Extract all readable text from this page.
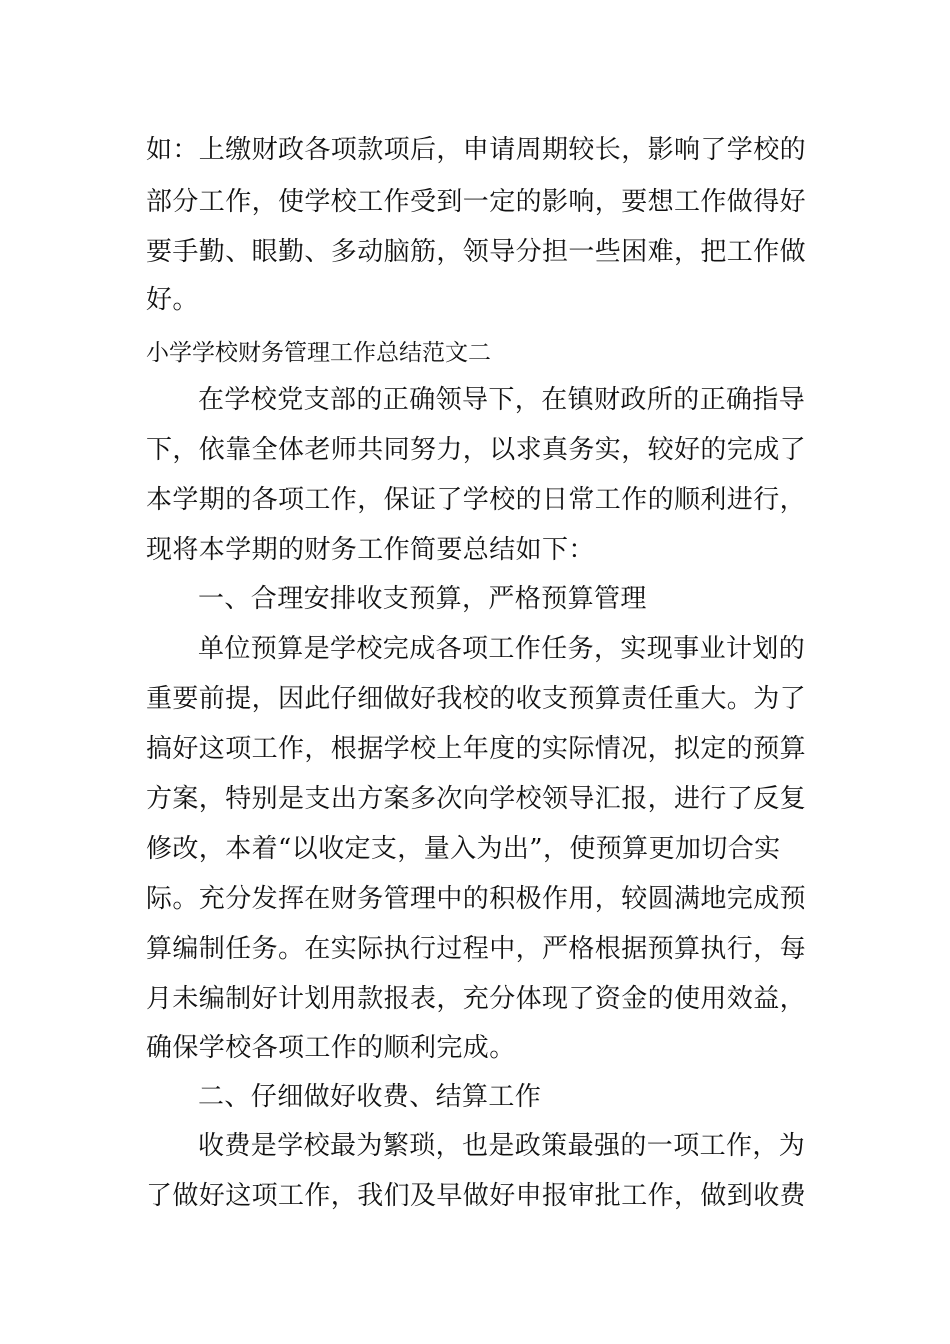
如：上缴财政各项款项后，申请周期较长，影响了学校的
部分工作，使学校工作受到一定的影响，要想工作做得好
要手勤、眼勤、多动脑筋，领导分担一些困难，把工作做
好。
小学学校财务管理工作总结范文二
在学校党支部的正确领导下，在镇财政所的正确指导
下，依靠全体老师共同努力，以求真务实，较好的完成了
本学期的各项工作，保证了学校的日常工作的顺利进行，
现将本学期的财务工作简要总结如下：
一、合理安排收支预算，严格预算管理
单位预算是学校完成各项工作任务，实现事业计划的
重要前提，因此仔细做好我校的收支预算责任重大。为了
搞好这项工作，根据学校上年度的实际情况，拟定的预算
方案，特别是支出方案多次向学校领导汇报，进行了反复
修改，本着“以收定支，量入为出”，使预算更加切合实
际。充分发挥在财务管理中的积极作用，较圆满地完成预
算编制任务。在实际执行过程中，严格根据预算执行，每
月未编制好计划用款报表，充分体现了资金的使用效益，
确保学校各项工作的顺利完成。
二、仔细做好收费、结算工作
收费是学校最为繁琐，也是政策最强的一项工作，为
了做好这项工作，我们及早做好申报审批工作，做到收费
